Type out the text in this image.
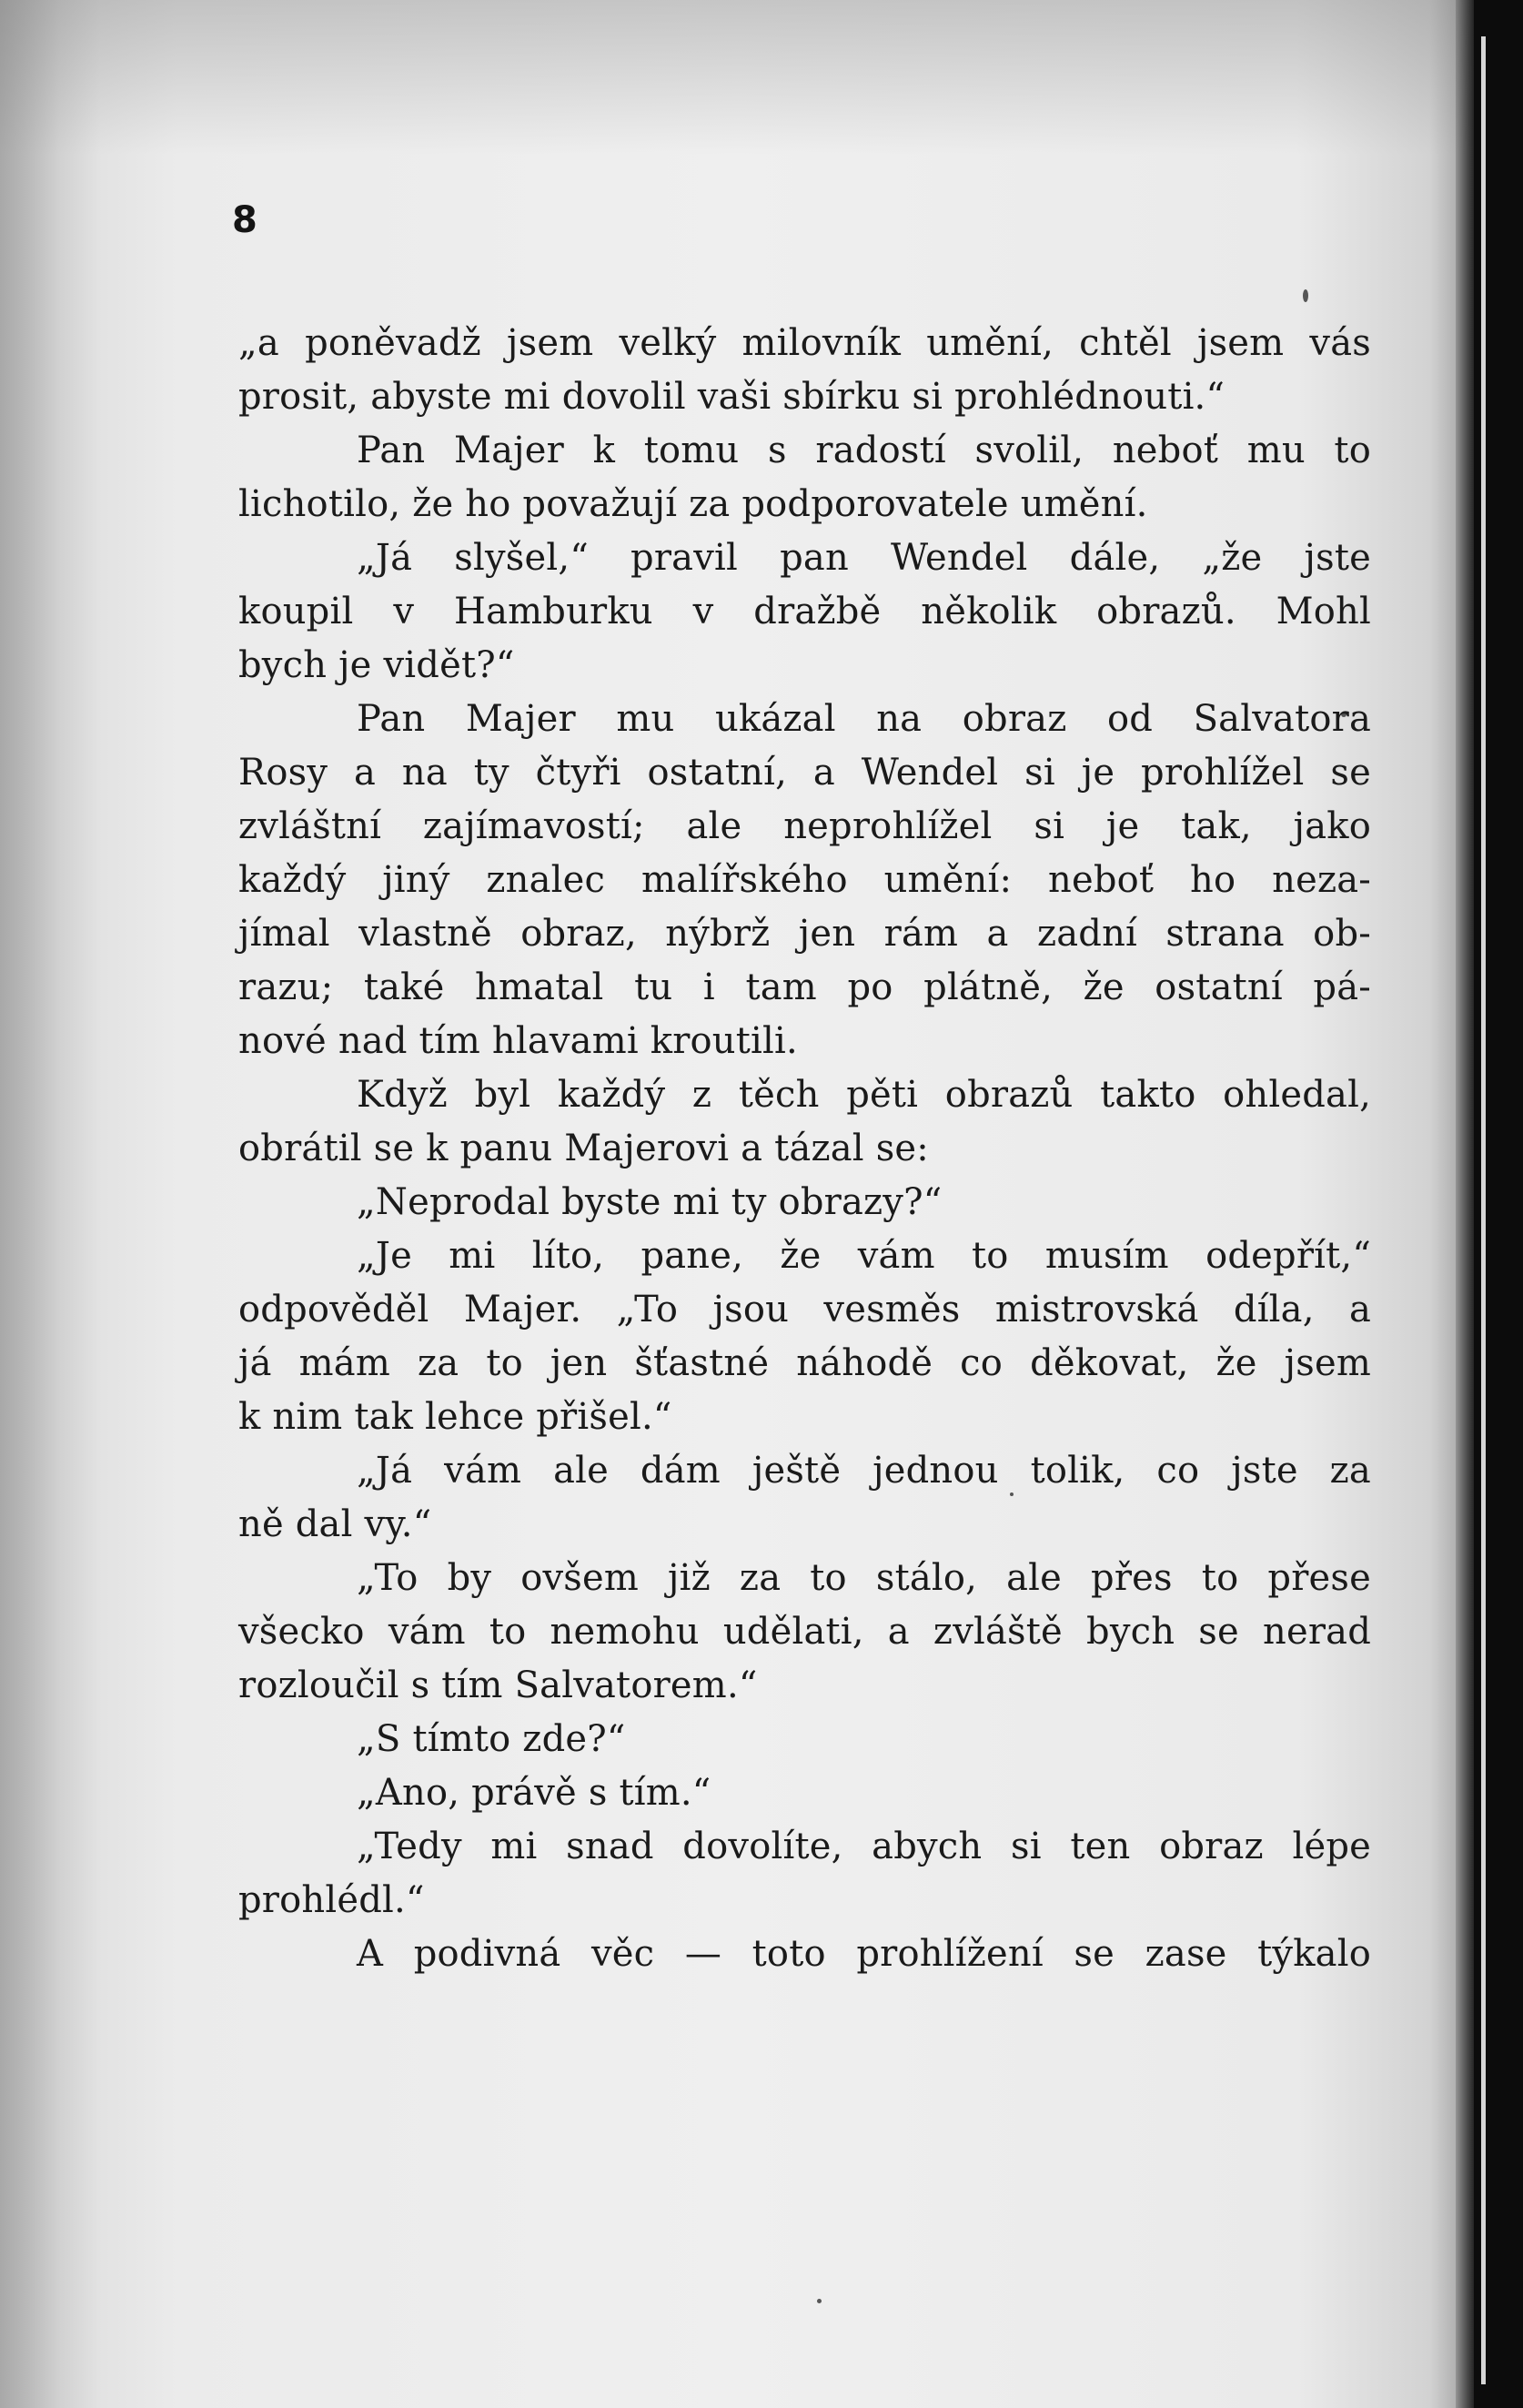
8
„a poněvadž jsem velký milovník umění, chtěl jsem vás
prosit, abyste mi dovolil vaši sbírku si prohlédnouti.“
Pan Majer k tomu s radostí svolil, neboť mu to
lichotilo, že ho považují za podporovatele umění.
„Já slyšel,“ pravil pan Wendel dále, „že jste
koupil v Hamburku v dražbě několik obrazů. Mohl
bych je vidět?“
Pan Majer mu ukázal na obraz od Salvatora
Rosy a na ty čtyři ostatní, a Wendel si je prohlížel se
zvláštní zajímavostí; ale neprohlížel si je tak, jako
každý jiný znalec malířského umění: neboť ho neza-
jímal vlastně obraz, nýbrž jen rám a zadní strana ob-
razu; také hmatal tu i tam po plátně, že ostatní pá-
nové nad tím hlavami kroutili.
Když byl každý z těch pěti obrazů takto ohledal,
obrátil se k panu Majerovi a tázal se:
„Neprodal byste mi ty obrazy?“
„Je mi líto, pane, že vám to musím odepřít,“
odpověděl Majer. „To jsou vesměs mistrovská díla, a
já mám za to jen šťastné náhodě co děkovat, že jsem
k nim tak lehce přišel.“
„Já vám ale dám ještě jednou tolik, co jste za
ně dal vy.“
„To by ovšem již za to stálo, ale přes to přese
všecko vám to nemohu udělati, a zvláště bych se nerad
rozloučil s tím Salvatorem.“
„S tímto zde?“
„Ano, právě s tím.“
„Tedy mi snad dovolíte, abych si ten obraz lépe
prohlédl.“
A podivná věc — toto prohlížení se zase týkalo
